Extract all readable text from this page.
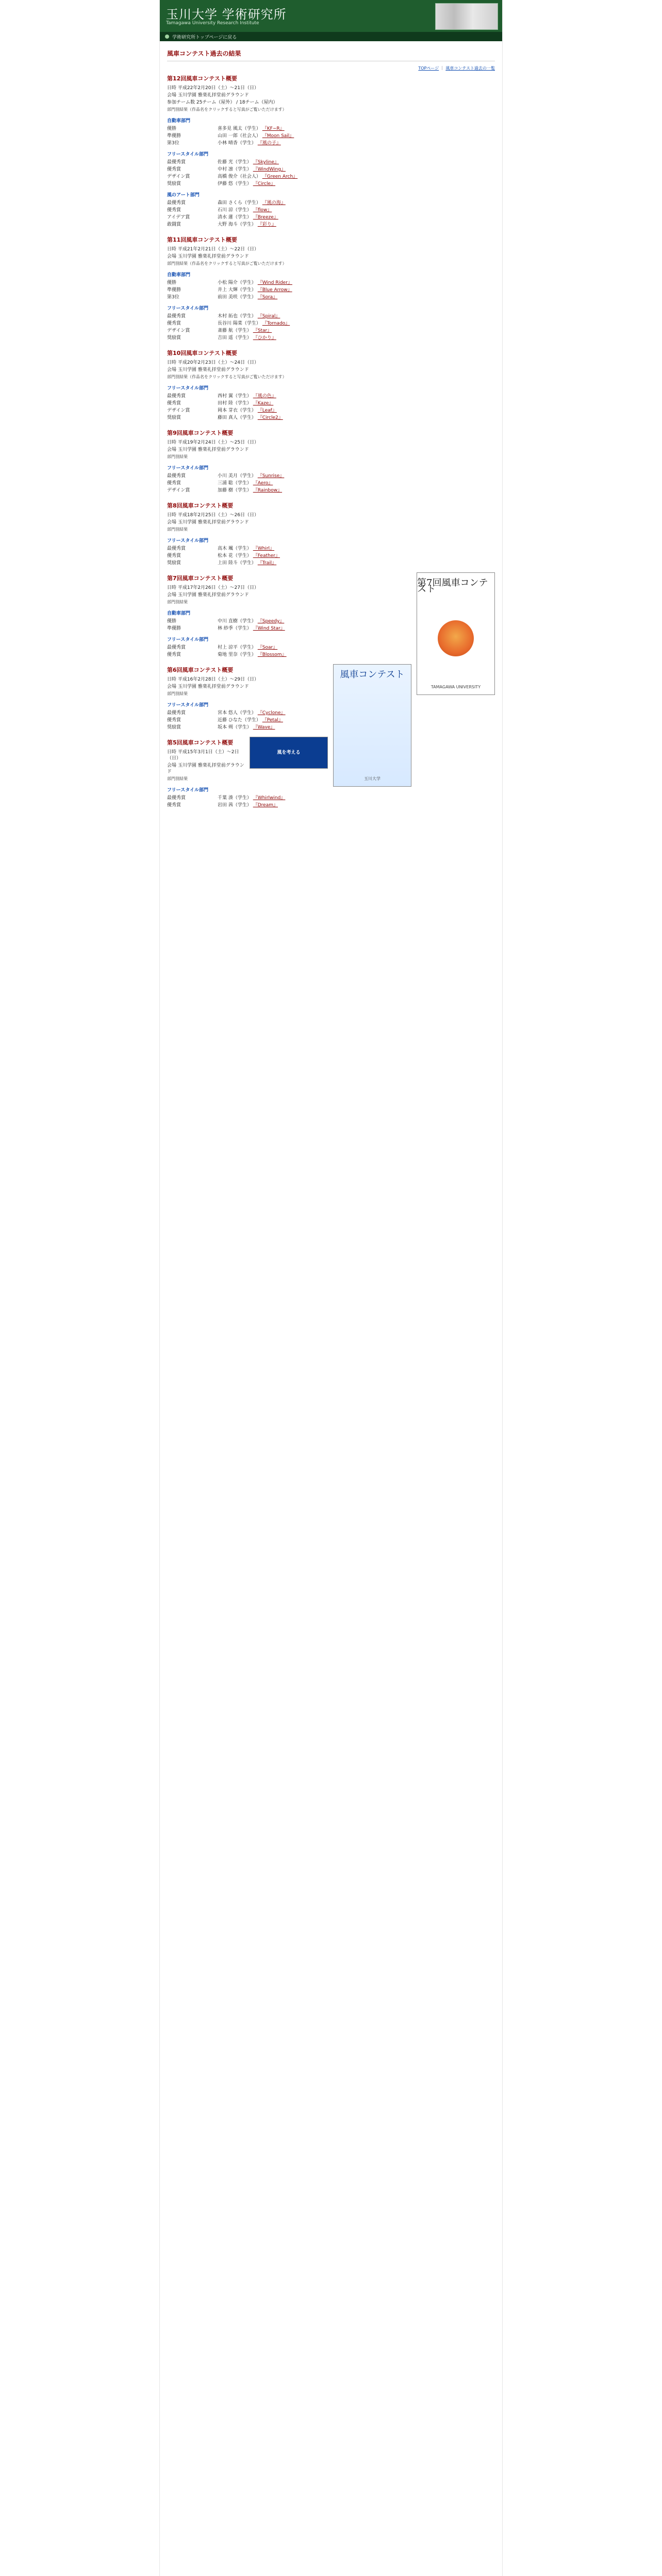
玉川大学 学術研究所
Tamagawa University Research Institute
学術研究所トップページに戻る
風車コンテスト過去の結果
TOPページ ｜ 風車コンテスト過去の一覧
第12回風車コンテスト概要
日時 平成22年2月20日（土）〜21日（日）
会場 玉川学園 雅楽礼拝堂前グラウンド
参加チーム数 25チーム（屋外） / 18チーム（屋内）
部門別結果（作品名をクリックすると写真がご覧いただけます）
自動車部門
優勝	喜多見 風太（学生） 『KF−R』
準優勝	山田 一郎（社会人） 『Moon Sail』
第3位	小林 晴香（学生） 『風の子』
フリースタイル部門
最優秀賞	佐藤 光（学生） 『Skyline』
優秀賞	中村 凛（学生） 『WindWing』
デザイン賞	高橋 俊介（社会人） 『Green Arch』
奨励賞	伊藤 悠（学生） 『Circle』
風のアート部門
最優秀賞	森田 さくら（学生） 『風の海』
優秀賞	石川 涼（学生） 『flow』
アイデア賞	清水 蓮（学生） 『Breeze』
敢闘賞	大野 海斗（学生） 『彩り』
第11回風車コンテスト概要
日時 平成21年2月21日（土）〜22日（日）
会場 玉川学園 雅楽礼拝堂前グラウンド
部門別結果（作品名をクリックすると写真がご覧いただけます）
自動車部門
優勝	小松 陽介（学生） 『Wind Rider』
準優勝	井上 大輝（学生） 『Blue Arrow』
第3位	前田 美咲（学生） 『Sora』
フリースタイル部門
最優秀賞	木村 拓也（学生） 『Spiral』
優秀賞	長谷川 陽菜（学生） 『Tornado』
デザイン賞	斎藤 航（学生） 『Star』
奨励賞	吉田 遥（学生） 『ひかり』
第10回風車コンテスト概要
日時 平成20年2月23日（土）〜24日（日）
会場 玉川学園 雅楽礼拝堂前グラウンド
部門別結果（作品名をクリックすると写真がご覧いただけます）
フリースタイル部門
最優秀賞	西村 翼（学生） 『風の色』
優秀賞	田村 陸（学生） 『Kaze』
デザイン賞	岡本 芽衣（学生） 『Leaf』
奨励賞	藤田 真人（学生） 『Circle2』
第9回風車コンテスト概要
日時 平成19年2月24日（土）〜25日（日）
会場 玉川学園 雅楽礼拝堂前グラウンド
部門別結果
フリースタイル部門
最優秀賞	小川 美月（学生） 『Sunrise』
優秀賞	三浦 聡（学生） 『Aero』
デザイン賞	加藤 樹（学生） 『Rainbow』
第8回風車コンテスト概要
日時 平成18年2月25日（土）〜26日（日）
会場 玉川学園 雅楽礼拝堂前グラウンド
部門別結果
フリースタイル部門
最優秀賞	高木 颯（学生） 『Whirl』
優秀賞	松本 花（学生） 『Feather』
奨励賞	上田 陸斗（学生） 『Trail』
第7回風車コンテスト
TAMAGAWA UNIVERSITY
第7回風車コンテスト概要
日時 平成17年2月26日（土）〜27日（日）
会場 玉川学園 雅楽礼拝堂前グラウンド
部門別結果
自動車部門
優勝	中川 直樹（学生） 『Speedy』
準優勝	林 紗季（学生） 『Wind Star』
フリースタイル部門
最優秀賞	村上 涼平（学生） 『Soar』
優秀賞	菊地 里奈（学生） 『Blossom』
風車コンテスト
玉川大学
第6回風車コンテスト概要
日時 平成16年2月28日（土）〜29日（日）
会場 玉川学園 雅楽礼拝堂前グラウンド
部門別結果
フリースタイル部門
最優秀賞	宮本 悠人（学生） 『Cyclone』
優秀賞	近藤 ひなた（学生） 『Petal』
奨励賞	坂本 朔（学生） 『Wave』
風を考える
第5回風車コンテスト概要
日時 平成15年3月1日（土）〜2日（日）
会場 玉川学園 雅楽礼拝堂前グラウンド
部門別結果
フリースタイル部門
最優秀賞	千葉 湊（学生） 『Whirlwind』
優秀賞	岩田 茜（学生） 『Dream』
